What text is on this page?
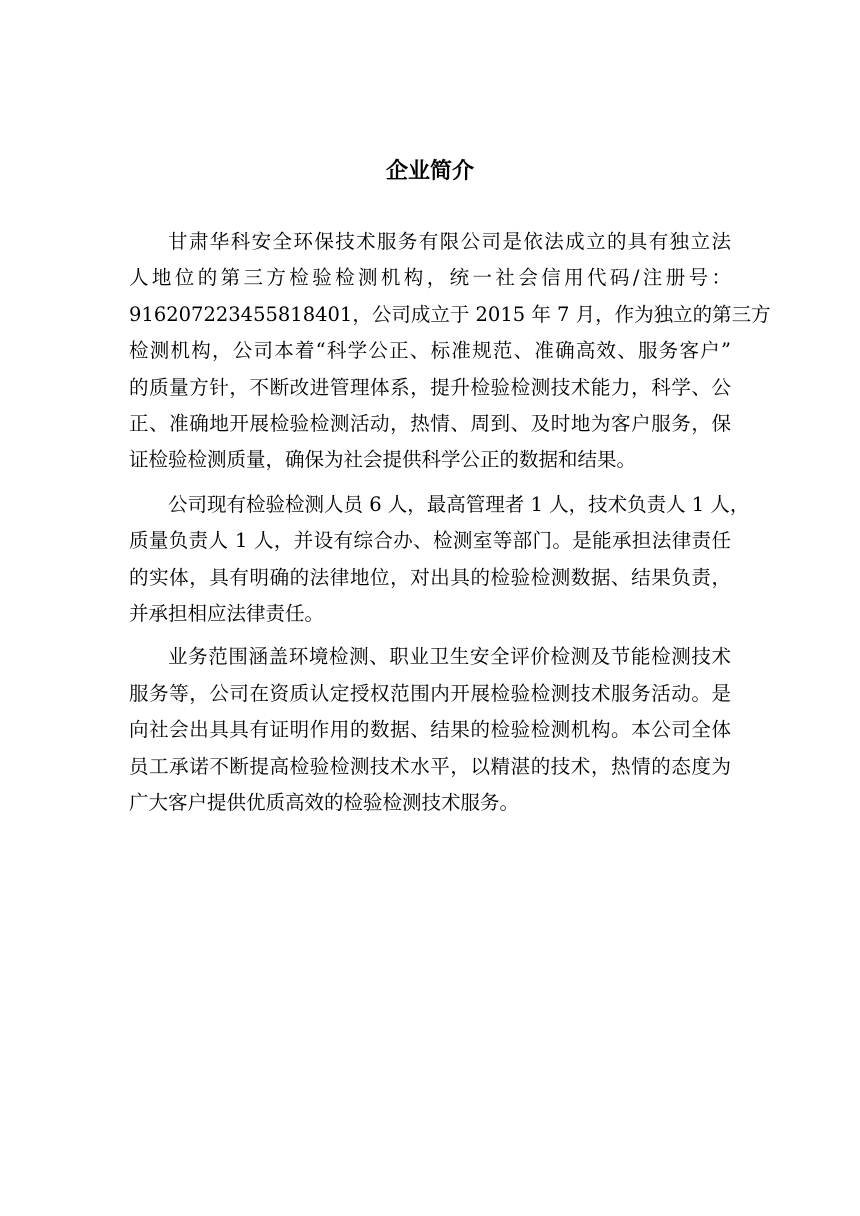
企业简介

甘肃华科安全环保技术服务有限公司是依法成立的具有独立法
人地位的第三方检验检测机构，统一社会信用代码/注册号：
916207223455818401，公司成立于 2015 年 7 月，作为独立的第三方
检测机构，公司本着“科学公正、标准规范、准确高效、服务客户”
的质量方针，不断改进管理体系，提升检验检测技术能力，科学、公
正、准确地开展检验检测活动，热情、周到、及时地为客户服务，保
证检验检测质量，确保为社会提供科学公正的数据和结果。

公司现有检验检测人员 6 人，最高管理者 1 人，技术负责人 1 人，
质量负责人 1 人，并设有综合办、检测室等部门。是能承担法律责任
的实体，具有明确的法律地位，对出具的检验检测数据、结果负责，
并承担相应法律责任。

业务范围涵盖环境检测、职业卫生安全评价检测及节能检测技术
服务等，公司在资质认定授权范围内开展检验检测技术服务活动。是
向社会出具具有证明作用的数据、结果的检验检测机构。本公司全体
员工承诺不断提高检验检测技术水平，以精湛的技术，热情的态度为
广大客户提供优质高效的检验检测技术服务。
